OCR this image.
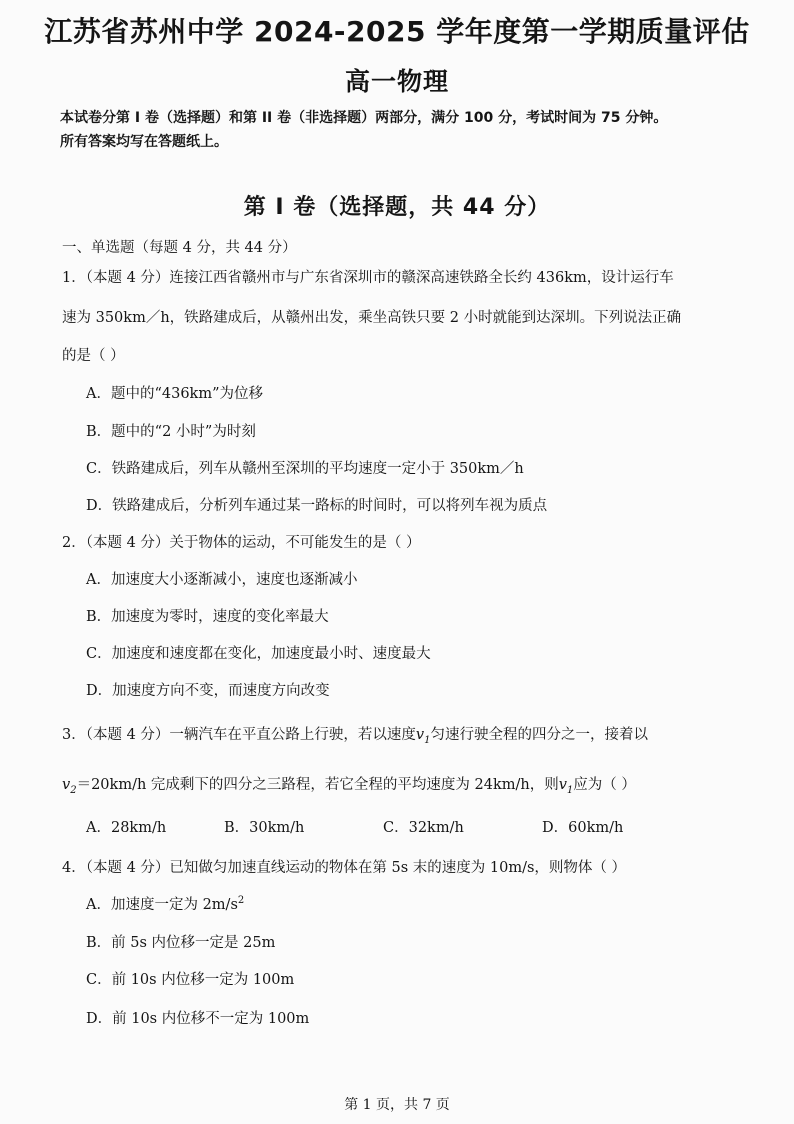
江苏省苏州中学 2024-2025 学年度第一学期质量评估
高一物理
本试卷分第 I 卷（选择题）和第 II 卷（非选择题）两部分，满分 100 分，考试时间为 75 分钟。
所有答案均写在答题纸上。
第 I 卷（选择题，共 44 分）
一、单选题（每题 4 分，共 44 分）
1．（本题 4 分）连接江西省赣州市与广东省深圳市的赣深高速铁路全长约 436km，设计运行车
速为 350km／h，铁路建成后，从赣州出发，乘坐高铁只要 2 小时就能到达深圳。下列说法正确
的是（ ）
A．题中的“436km”为位移
B．题中的“2 小时”为时刻
C．铁路建成后，列车从赣州至深圳的平均速度一定小于 350km／h
D．铁路建成后，分析列车通过某一路标的时间时，可以将列车视为质点
2．（本题 4 分）关于物体的运动，不可能发生的是（ ）
A．加速度大小逐渐减小，速度也逐渐减小
B．加速度为零时，速度的变化率最大
C．加速度和速度都在变化，加速度最小时、速度最大
D．加速度方向不变，而速度方向改变
3．（本题 4 分）一辆汽车在平直公路上行驶，若以速度$v_1$匀速行驶全程的四分之一，接着以
$v_2=20km/h$ 完成剩下的四分之三路程，若它全程的平均速度为 24km/h，则$v_1$应为（ ）
A．28km/h	B．30km/h	C．32km/h	D．60km/h
4．（本题 4 分）已知做匀加速直线运动的物体在第 5s 末的速度为 10m/s，则物体（ ）
A．加速度一定为 $2m/s^2$
B．前 5s 内位移一定是 25m
C．前 10s 内位移一定为 100m
D．前 10s 内位移不一定为 100m
第 1 页，共 7 页
